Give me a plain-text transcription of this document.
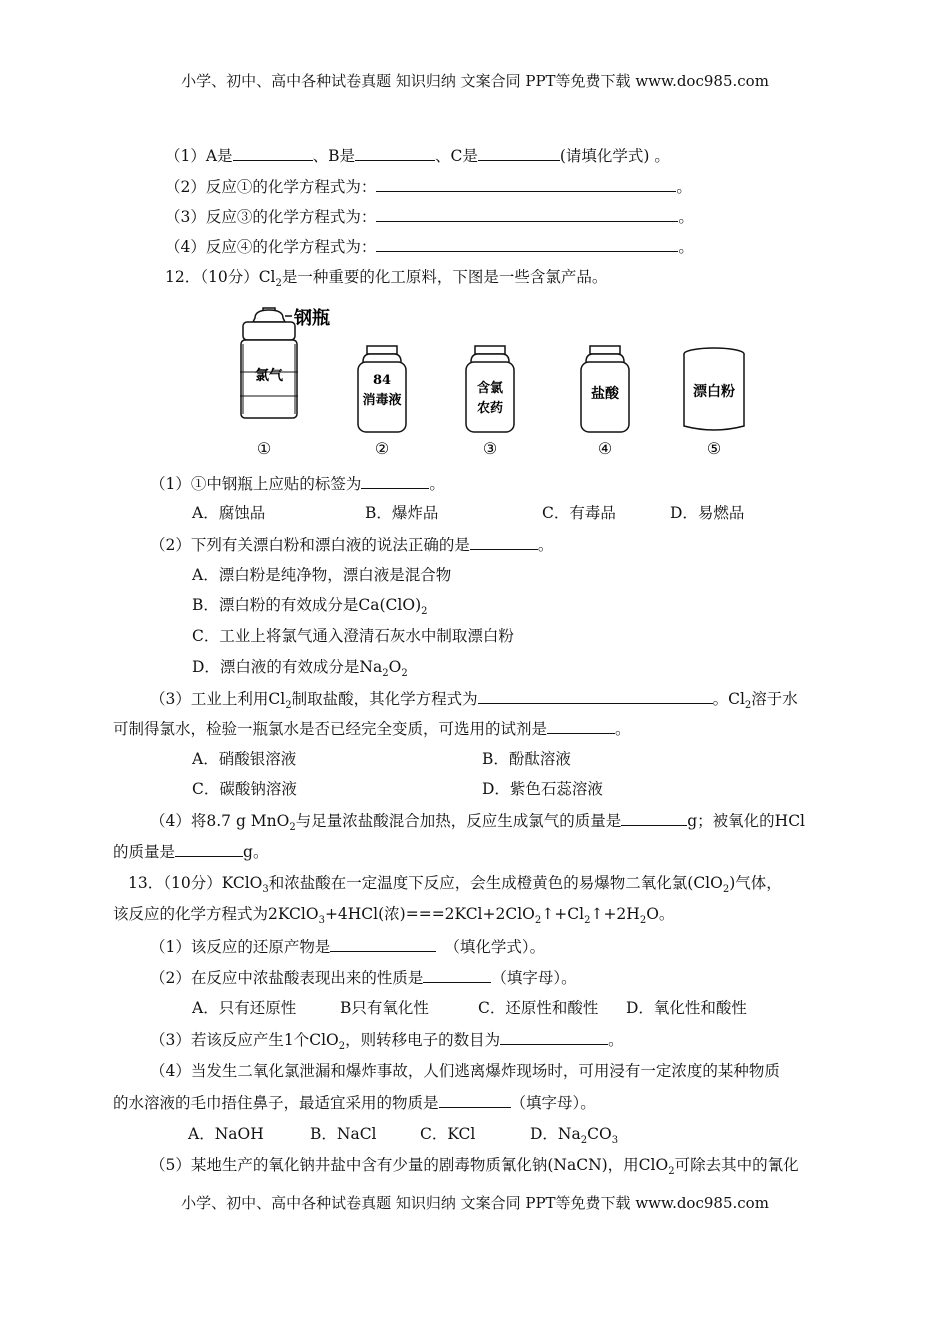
小学、初中、高中各种试卷真题 知识归纳 文案合同 PPT等免费下载 www.doc985.com
（1）A是	、B是	、C是	(请填化学式) 。
（2）反应①的化学方程式为：	。
（3）反应③的化学方程式为：	。
（4）反应④的化学方程式为：	。
12．（10分）$Cl_2$是一种重要的化工原料，下图是一些含氯产品。
氯气
钢瓶
84
消毒液
含氯
农药
盐酸	漂白粉
①	②	③	④	⑤
（1）①中钢瓶上应贴的标签为	。
A．腐蚀品	B．爆炸品	C．有毒品	D．易燃品
（2）下列有关漂白粉和漂白液的说法正确的是	。
A．漂白粉是纯净物，漂白液是混合物
B．漂白粉的有效成分是$Ca(ClO)_2$
C．工业上将氯气通入澄清石灰水中制取漂白粉
D．漂白液的有效成分是$Na_2O_2$
（3）工业上利用$Cl_2$制取盐酸，其化学方程式为	。$Cl_2$溶于水
可制得氯水，检验一瓶氯水是否已经完全变质，可选用的试剂是	。
A．硝酸银溶液	B．酚酞溶液
C．碳酸钠溶液	D．紫色石蕊溶液
（4）将8.7 g MnO$_2$与足量浓盐酸混合加热，反应生成氯气的质量是	g；被氧化的HCl
的质量是	g。
13．（10分）KClO$_3$和浓盐酸在一定温度下反应，会生成橙黄色的易爆物二氧化氯(ClO$_2$)气体，
该反应的化学方程式为2KClO$_3$+4HCl(浓)$===2KCl+2ClO_2↑+Cl_2↑+2H_2O$。
（1）该反应的还原产物是	（填化学式）。
（2）在反应中浓盐酸表现出来的性质是	（填字母）。
A．只有还原性	B只有氧化性	C．还原性和酸性 D．氧化性和酸性
（3）若该反应产生1个ClO$_2$，则转移电子的数目为	。
（4）当发生二氧化氯泄漏和爆炸事故，人们逃离爆炸现场时，可用浸有一定浓度的某种物质
的水溶液的毛巾捂住鼻子，最适宜采用的物质是	（填字母）。
A．NaOH	B．NaCl	C．KCl	D．$Na_2CO_3$
（5）某地生产的氧化钠井盐中含有少量的剧毒物质氰化钠(NaCN)，用ClO$_2$可除去其中的氰化
小学、初中、高中各种试卷真题 知识归纳 文案合同 PPT等免费下载 www.doc985.com
